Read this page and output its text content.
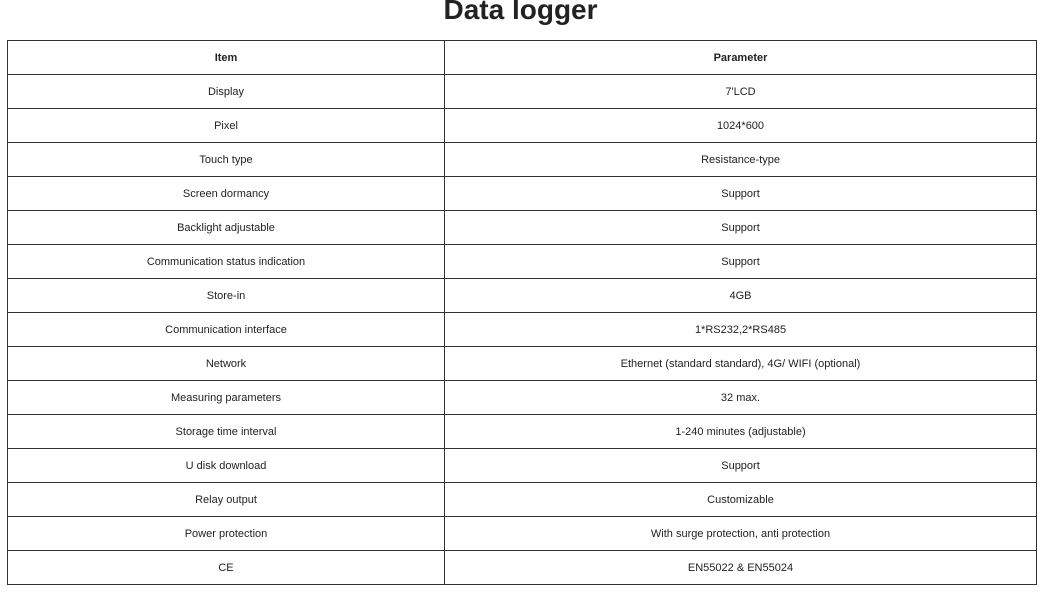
Data logger
Item	Parameter
Display	7'LCD
Pixel	1024*600
Touch type	Resistance-type
Screen dormancy	Support
Backlight adjustable	Support
Communication status indication	Support
Store-in	4GB
Communication interface	1*RS232,2*RS485
Network	Ethernet (standard standard), 4G/ WIFI (optional)
Measuring parameters	32 max.
Storage time interval	1-240 minutes (adjustable)
U disk download	Support
Relay output	Customizable
Power protection	With surge protection, anti protection
CE	EN55022 & EN55024
